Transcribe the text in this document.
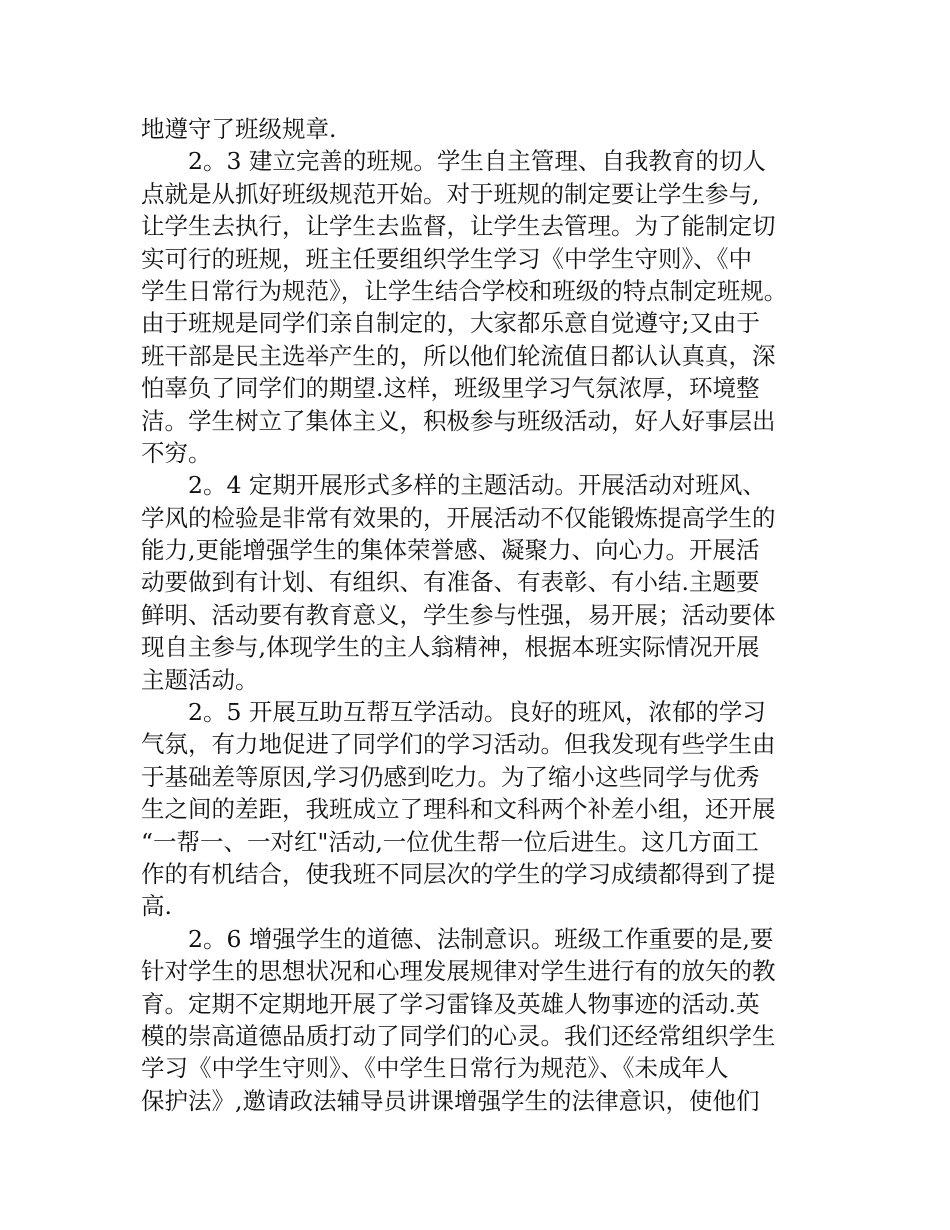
地遵守了班级规章.
2。3 建立完善的班规。学生自主管理、自我教育的切人
点就是从抓好班级规范开始。对于班规的制定要让学生参与,
让学生去执行，让学生去监督，让学生去管理。为了能制定切
实可行的班规，班主任要组织学生学习《中学生守则》、《中
学生日常行为规范》，让学生结合学校和班级的特点制定班规。
由于班规是同学们亲自制定的，大家都乐意自觉遵守;又由于
班干部是民主选举产生的，所以他们轮流值日都认认真真，深
怕辜负了同学们的期望.这样，班级里学习气氛浓厚，环境整
洁。学生树立了集体主义，积极参与班级活动，好人好事层出
不穷。
2。4 定期开展形式多样的主题活动。开展活动对班风、
学风的检验是非常有效果的，开展活动不仅能锻炼提高学生的
能力,更能增强学生的集体荣誉感、凝聚力、向心力。开展活
动要做到有计划、有组织、有准备、有表彰、有小结.主题要
鲜明、活动要有教育意义，学生参与性强，易开展；活动要体
现自主参与,体现学生的主人翁精神，根据本班实际情况开展
主题活动。
2。5 开展互助互帮互学活动。良好的班风，浓郁的学习
气氛，有力地促进了同学们的学习活动。但我发现有些学生由
于基础差等原因,学习仍感到吃力。为了缩小这些同学与优秀
生之间的差距，我班成立了理科和文科两个补差小组，还开展
“一帮一、一对红"活动,一位优生帮一位后进生。这几方面工
作的有机结合，使我班不同层次的学生的学习成绩都得到了提
高.
2。6 增强学生的道德、法制意识。班级工作重要的是,要
针对学生的思想状况和心理发展规律对学生进行有的放矢的教
育。定期不定期地开展了学习雷锋及英雄人物事迹的活动.英
模的崇高道德品质打动了同学们的心灵。我们还经常组织学生
学习《中学生守则》、《中学生日常行为规范》、《未成年人
保护法》,邀请政法辅导员讲课增强学生的法律意识，使他们
